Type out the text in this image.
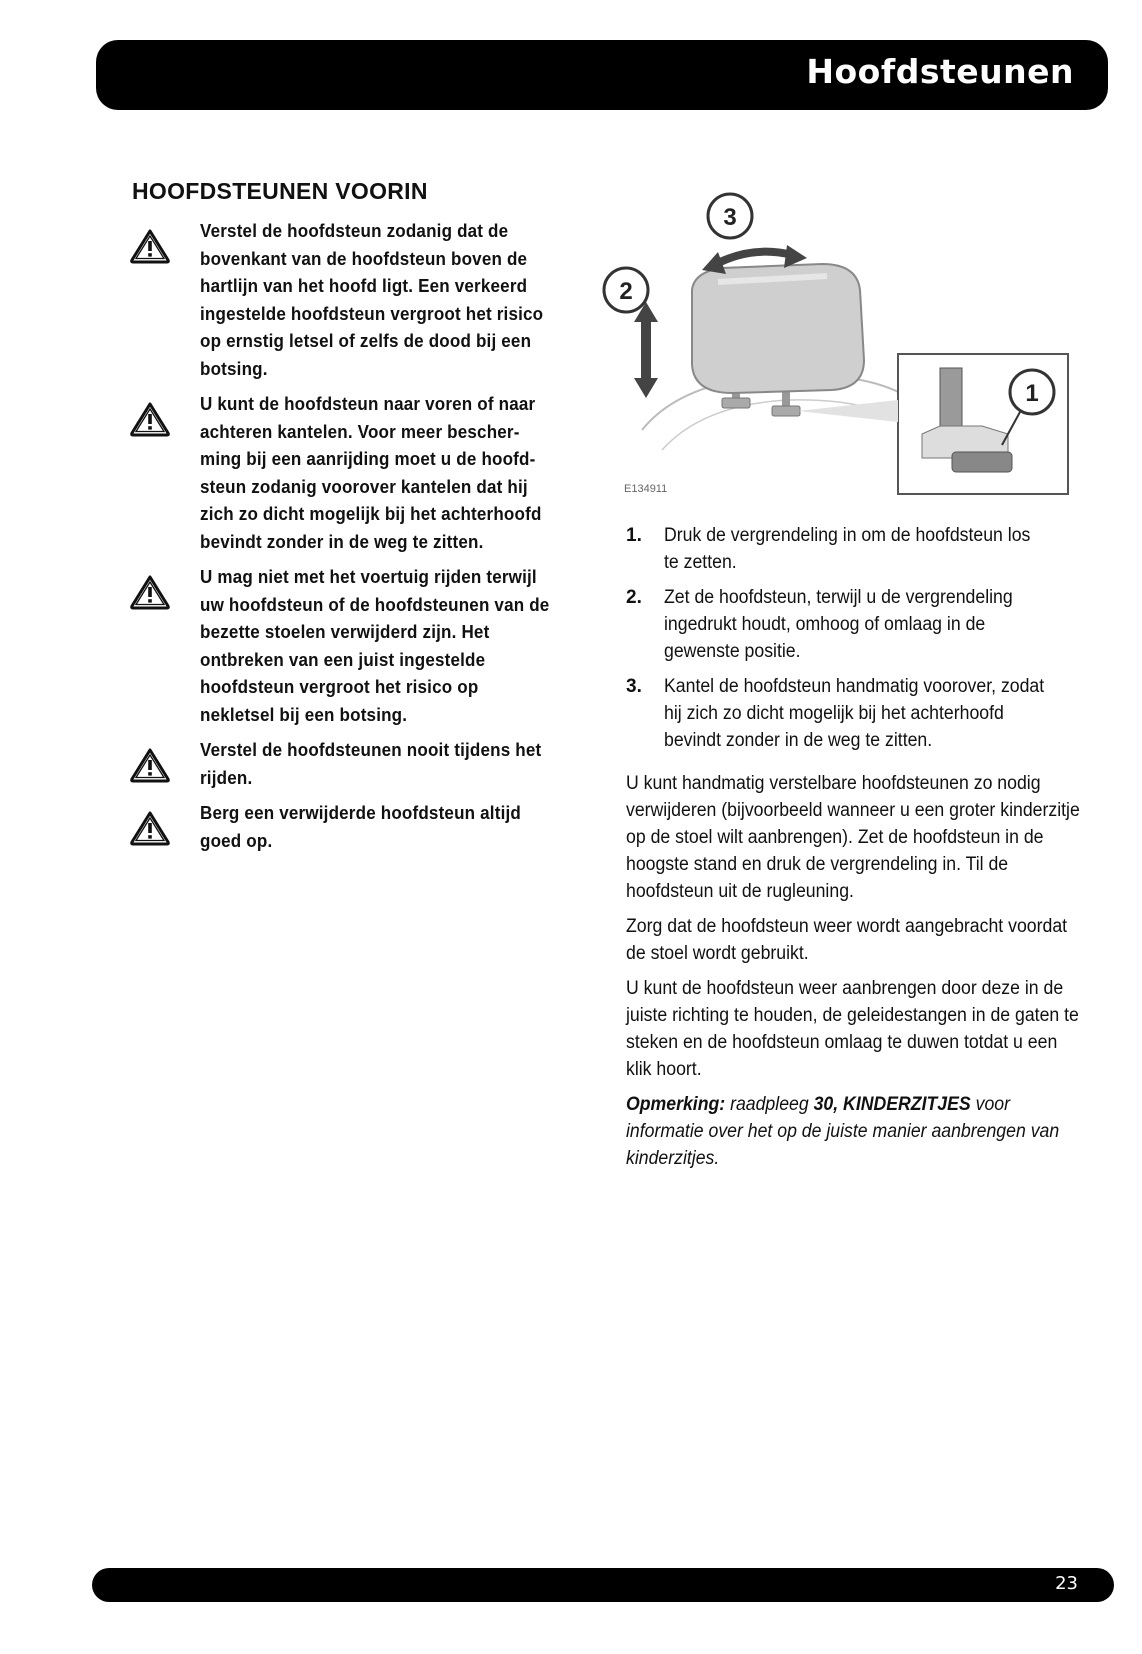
Hoofdsteunen
HOOFDSTEUNEN VOORIN
Verstel de hoofdsteun zodanig dat de bovenkant van de hoofdsteun boven de hartlijn van het hoofd ligt. Een verkeerd ingestelde hoofdsteun vergroot het risico op ernstig letsel of zelfs de dood bij een botsing.
U kunt de hoofdsteun naar voren of naar achteren kantelen. Voor meer bescher-ming bij een aanrijding moet u de hoofd-steun zodanig voorover kantelen dat hij zich zo dicht mogelijk bij het achterhoofd bevindt zonder in de weg te zitten.
U mag niet met het voertuig rijden terwijl uw hoofdsteun of de hoofdsteunen van de bezette stoelen verwijderd zijn. Het ontbreken van een juist ingestelde hoofdsteun vergroot het risico op nekletsel bij een botsing.
Verstel de hoofdsteunen nooit tijdens het rijden.
Berg een verwijderde hoofdsteun altijd goed op.
3
2
1
E134911
1.	Druk de vergrendeling in om de hoofdsteun los te zetten.
2.	Zet de hoofdsteun, terwijl u de vergrendeling ingedrukt houdt, omhoog of omlaag in de gewenste positie.
3.	Kantel de hoofdsteun handmatig voorover, zodat hij zich zo dicht mogelijk bij het achterhoofd bevindt zonder in de weg te zitten.

U kunt handmatig verstelbare hoofdsteunen zo nodig verwijderen (bijvoorbeeld wanneer u een groter kinderzitje op de stoel wilt aanbrengen). Zet de hoofdsteun in de hoogste stand en druk de vergrendeling in. Til de hoofdsteun uit de rugleuning.

Zorg dat de hoofdsteun weer wordt aangebracht voordat de stoel wordt gebruikt.

U kunt de hoofdsteun weer aanbrengen door deze in de juiste richting te houden, de geleidestangen in de gaten te steken en de hoofdsteun omlaag te duwen totdat u een klik hoort.

Opmerking: raadpleeg 30, KINDERZITJES voor informatie over het op de juiste manier aanbrengen van kinderzitjes.

23
